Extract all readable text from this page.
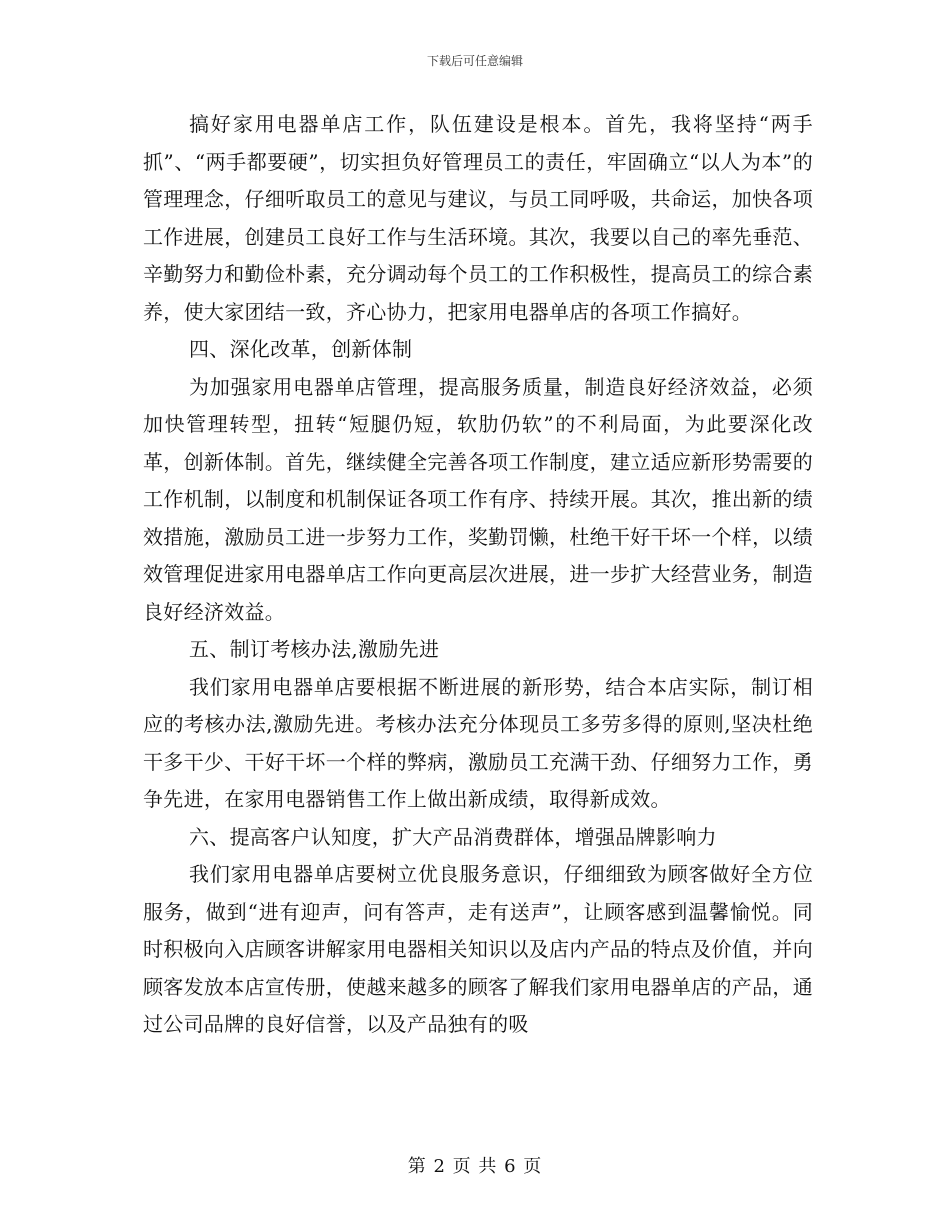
下载后可任意编辑

搞好家用电器单店工作，队伍建设是根本。首先，我将坚持“两手抓”、“两手都要硬”，切实担负好管理员工的责任，牢固确立“以人为本”的管理理念，仔细听取员工的意见与建议，与员工同呼吸，共命运，加快各项工作进展，创建员工良好工作与生活环境。其次，我要以自己的率先垂范、辛勤努力和勤俭朴素，充分调动每个员工的工作积极性，提高员工的综合素养，使大家团结一致，齐心协力，把家用电器单店的各项工作搞好。

四、深化改革，创新体制

为加强家用电器单店管理，提高服务质量，制造良好经济效益，必须加快管理转型，扭转“短腿仍短，软肋仍软”的不利局面，为此要深化改革，创新体制。首先，继续健全完善各项工作制度，建立适应新形势需要的工作机制，以制度和机制保证各项工作有序、持续开展。其次，推出新的绩效措施，激励员工进一步努力工作，奖勤罚懒，杜绝干好干坏一个样，以绩效管理促进家用电器单店工作向更高层次进展，进一步扩大经营业务，制造良好经济效益。

五、制订考核办法,激励先进

我们家用电器单店要根据不断进展的新形势，结合本店实际，制订相应的考核办法,激励先进。考核办法充分体现员工多劳多得的原则,坚决杜绝干多干少、干好干坏一个样的弊病，激励员工充满干劲、仔细努力工作，勇争先进，在家用电器销售工作上做出新成绩，取得新成效。

六、提高客户认知度，扩大产品消费群体，增强品牌影响力

我们家用电器单店要树立优良服务意识，仔细细致为顾客做好全方位服务，做到“进有迎声，问有答声，走有送声”，让顾客感到温馨愉悦。同时积极向入店顾客讲解家用电器相关知识以及店内产品的特点及价值，并向顾客发放本店宣传册，使越来越多的顾客了解我们家用电器单店的产品，通过公司品牌的良好信誉，以及产品独有的吸

第 2 页 共 6 页
